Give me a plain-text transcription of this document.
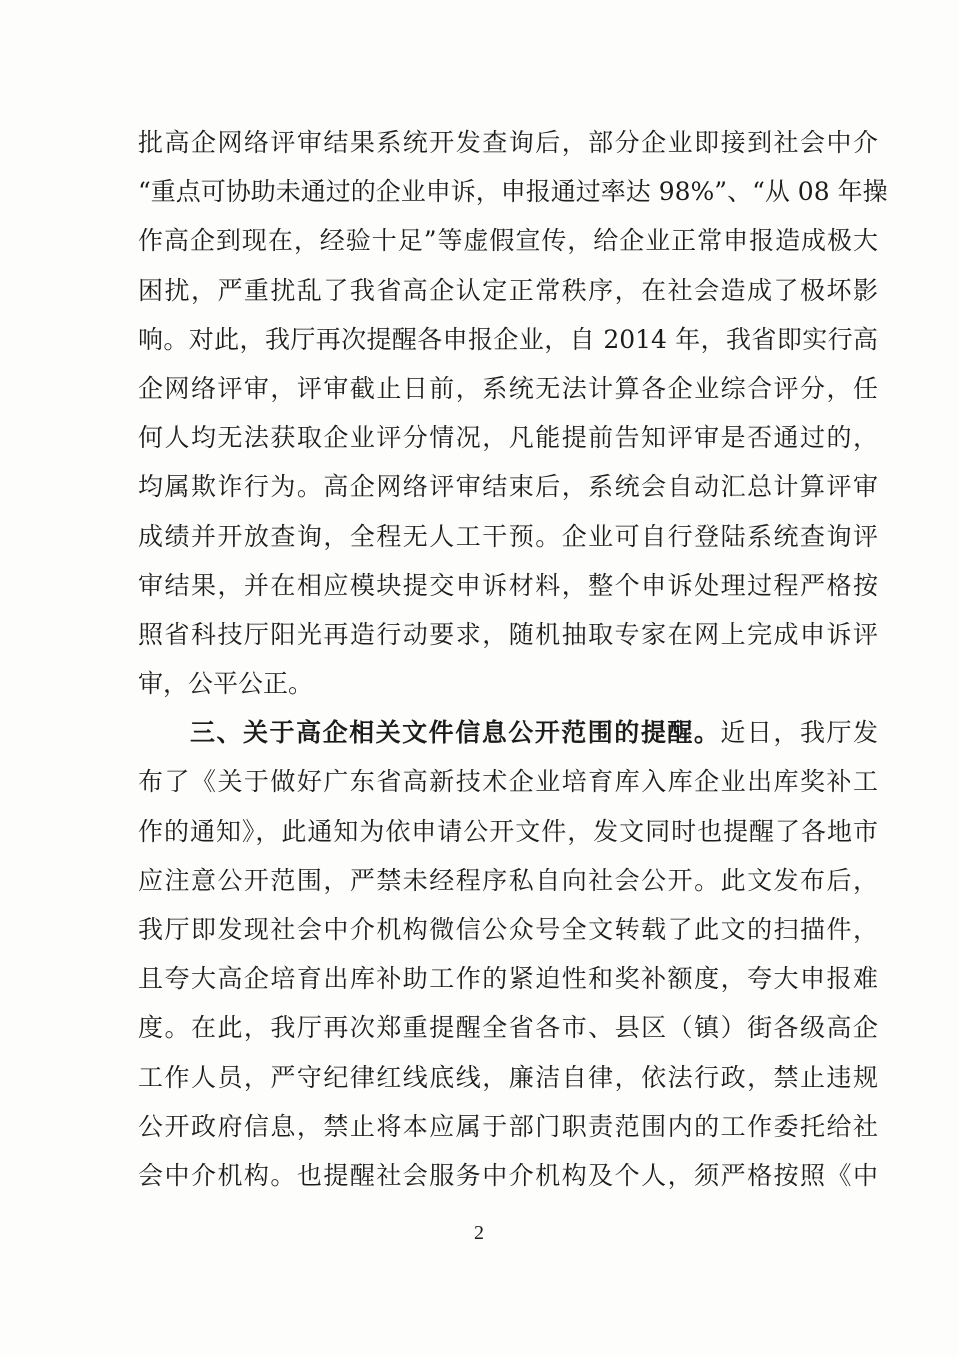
批高企网络评审结果系统开发查询后，部分企业即接到社会中介
“重点可协助未通过的企业申诉，申报通过率达 98%”、“从 08 年操
作高企到现在，经验十足”等虚假宣传，给企业正常申报造成极大
困扰，严重扰乱了我省高企认定正常秩序，在社会造成了极坏影
响。对此，我厅再次提醒各申报企业，自 2014 年，我省即实行高
企网络评审，评审截止日前，系统无法计算各企业综合评分，任
何人均无法获取企业评分情况，凡能提前告知评审是否通过的，
均属欺诈行为。高企网络评审结束后，系统会自动汇总计算评审
成绩并开放查询，全程无人工干预。企业可自行登陆系统查询评
审结果，并在相应模块提交申诉材料，整个申诉处理过程严格按
照省科技厅阳光再造行动要求，随机抽取专家在网上完成申诉评
审，公平公正。
三、关于高企相关文件信息公开范围的提醒。近日，我厅发
布了《关于做好广东省高新技术企业培育库入库企业出库奖补工
作的通知》，此通知为依申请公开文件，发文同时也提醒了各地市
应注意公开范围，严禁未经程序私自向社会公开。此文发布后，
我厅即发现社会中介机构微信公众号全文转载了此文的扫描件，
且夸大高企培育出库补助工作的紧迫性和奖补额度，夸大申报难
度。在此，我厅再次郑重提醒全省各市、县区（镇）街各级高企
工作人员，严守纪律红线底线，廉洁自律，依法行政，禁止违规
公开政府信息，禁止将本应属于部门职责范围内的工作委托给社
会中介机构。也提醒社会服务中介机构及个人，须严格按照《中
2
